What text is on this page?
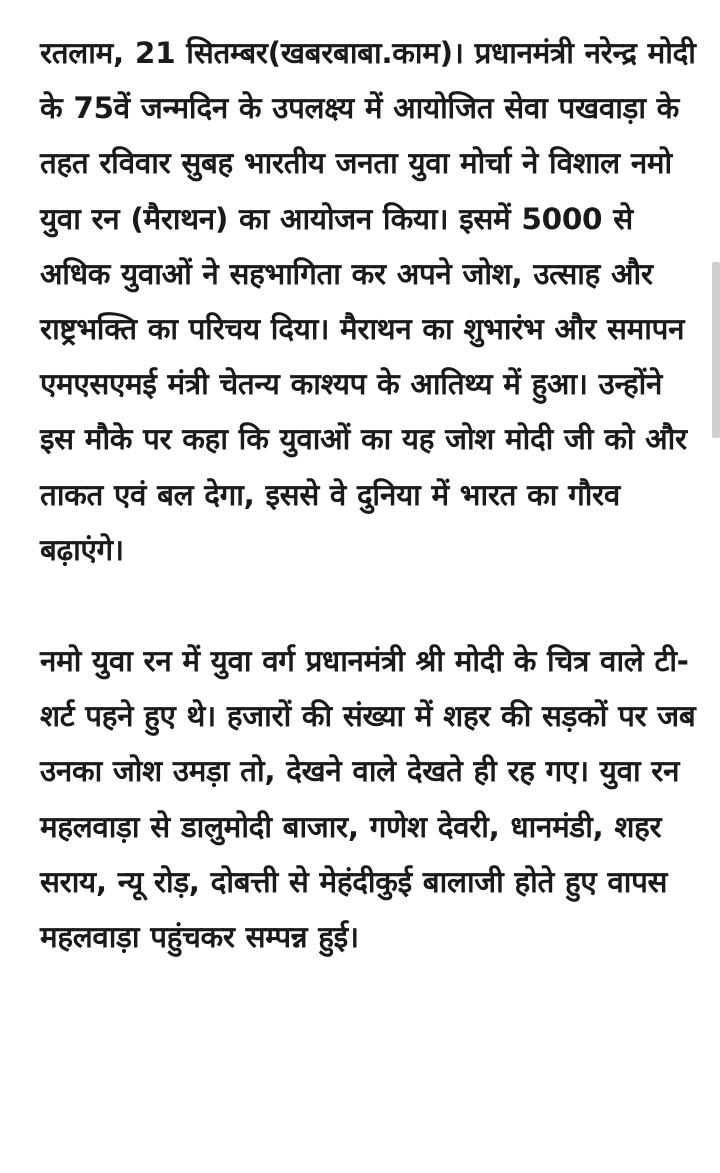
रतलाम, 21 सितम्बर(खबरबाबा.काम)। प्रधानमंत्री नरेन्द्र मोदी के 75वें जन्मदिन के उपलक्ष्य में आयोजित सेवा पखवाड़ा के तहत रविवार सुबह भारतीय जनता युवा मोर्चा ने विशाल नमो युवा रन (मैराथन) का आयोजन किया। इसमें 5000 से अधिक युवाओं ने सहभागिता कर अपने जोश, उत्साह और राष्ट्रभक्ति का परिचय दिया। मैराथन का शुभारंभ और समापन एमएसएमई मंत्री चेतन्य काश्यप के आतिथ्य में हुआ। उन्होंने इस मौके पर कहा कि युवाओं का यह जोश मोदी जी को और ताकत एवं बल देगा, इससे वे दुनिया में भारत का गौरव बढ़ाएंगे।

नमो युवा रन में युवा वर्ग प्रधानमंत्री श्री मोदी के चित्र वाले टी-शर्ट पहने हुए थे। हजारों की संख्या में शहर की सड़कों पर जब उनका जोश उमड़ा तो, देखने वाले देखते ही रह गए। युवा रन महलवाड़ा से डालुमोदी बाजार, गणेश देवरी, धानमंडी, शहर सराय, न्यू रोड़, दोबत्ती से मेहंदीकुई बालाजी होते हुए वापस महलवाड़ा पहुंचकर सम्पन्न हुई।
